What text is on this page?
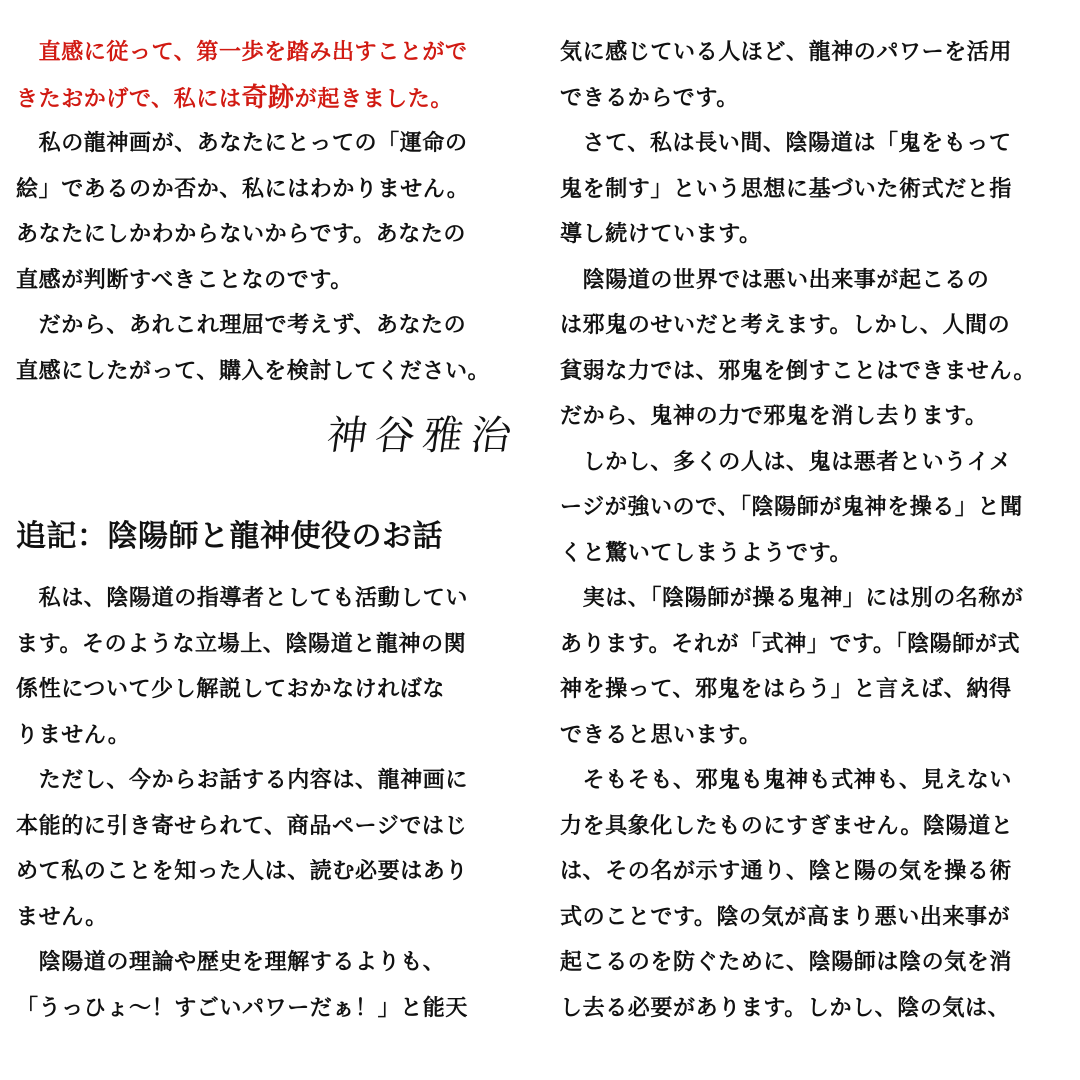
　直感に従って、第一歩を踏み出すことがで
きたおかげで、私には奇跡が起きました。
　私の龍神画が、あなたにとっての「運命の
絵」であるのか否か、私にはわかりません。
あなたにしかわからないからです。あなたの
直感が判断すべきことなのです。
　だから、あれこれ理屈で考えず、あなたの
直感にしたがって、購入を検討してください。
神谷雅治
追記：陰陽師と龍神使役のお話
　私は、陰陽道の指導者としても活動してい
ます。そのような立場上、陰陽道と龍神の関
係性について少し解説しておかなければな
りません。
　ただし、今からお話する内容は、龍神画に
本能的に引き寄せられて、商品ページではじ
めて私のことを知った人は、読む必要はあり
ません。
　陰陽道の理論や歴史を理解するよりも、
「うっひょ～！すごいパワーだぁ！」と能天
気に感じている人ほど、龍神のパワーを活用
できるからです。
　さて、私は長い間、陰陽道は「鬼をもって
鬼を制す」という思想に基づいた術式だと指
導し続けています。
　陰陽道の世界では悪い出来事が起こるの
は邪鬼のせいだと考えます。しかし、人間の
貧弱な力では、邪鬼を倒すことはできません。
だから、鬼神の力で邪鬼を消し去ります。
　しかし、多くの人は、鬼は悪者というイメ
ージが強いので、「陰陽師が鬼神を操る」と聞
くと驚いてしまうようです。
　実は、「陰陽師が操る鬼神」には別の名称が
あります。それが「式神」です。「陰陽師が式
神を操って、邪鬼をはらう」と言えば、納得
できると思います。
　そもそも、邪鬼も鬼神も式神も、見えない
力を具象化したものにすぎません。陰陽道と
は、その名が示す通り、陰と陽の気を操る術
式のことです。陰の気が高まり悪い出来事が
起こるのを防ぐために、陰陽師は陰の気を消
し去る必要があります。しかし、陰の気は、
